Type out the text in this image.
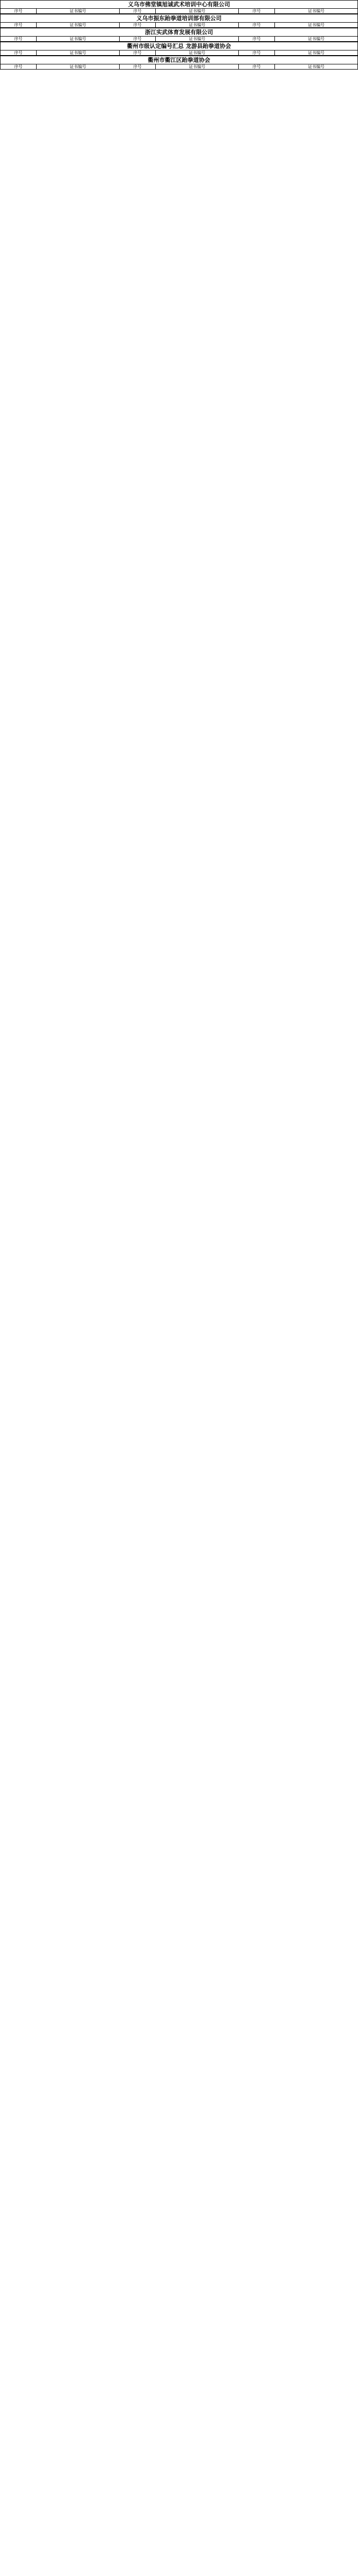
义乌市佛堂镇旭诚武术培训中心有限公司
序号	证书编号	序号	证书编号	序号	证书编号
义乌市振东跆拳道培训部有限公司
序号	证书编号	序号	证书编号	序号	证书编号
浙江实武体育发展有限公司
序号	证书编号	序号	证书编号	序号	证书编号
衢州市级认定编号汇总 龙游县跆拳道协会
序号	证书编号	序号	证书编号	序号	证书编号
衢州市衢江区跆拳道协会
序号	证书编号	序号	证书编号	序号	证书编号
